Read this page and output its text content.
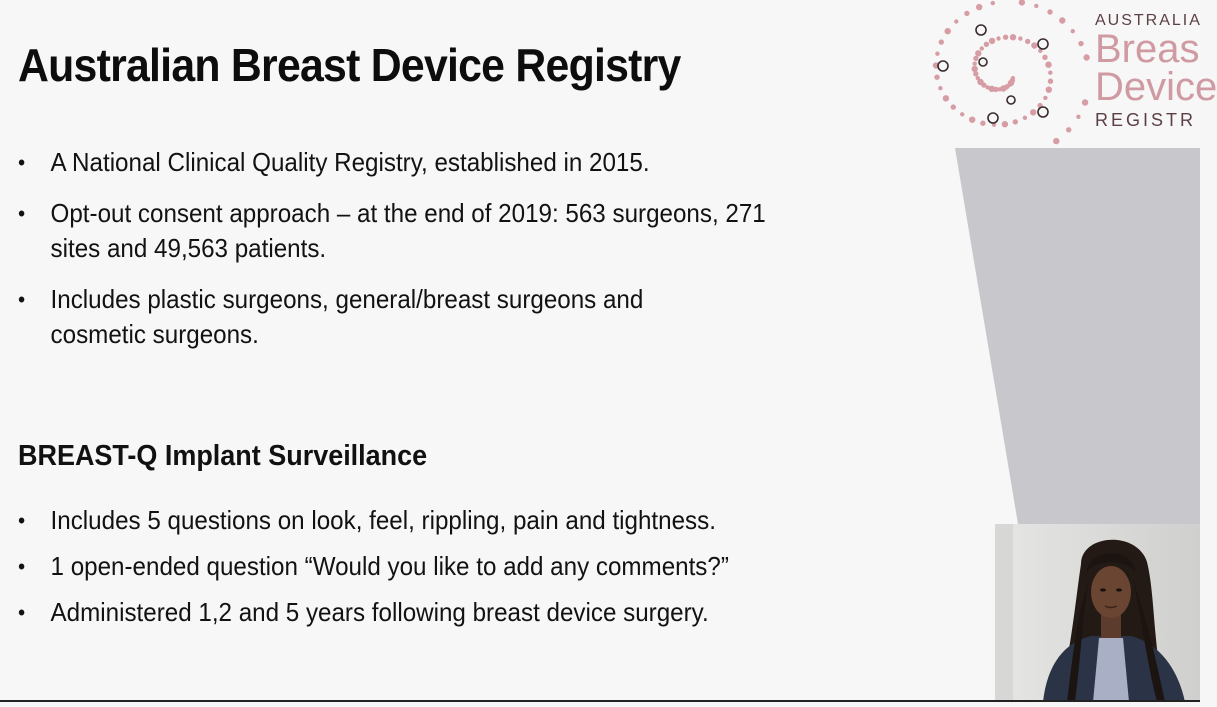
Australian Breast Device Registry
• A National Clinical Quality Registry, established in 2015.
• Opt-out consent approach – at the end of 2019: 563 surgeons, 271 sites and 49,563 patients.
• Includes plastic surgeons, general/breast surgeons and cosmetic surgeons.
BREAST-Q Implant Surveillance
• Includes 5 questions on look, feel, rippling, pain and tightness.
• 1 open-ended question “Would you like to add any comments?”
• Administered 1,2 and 5 years following breast device surgery.
AUSTRALIA
Breas
Device
REGISTR
